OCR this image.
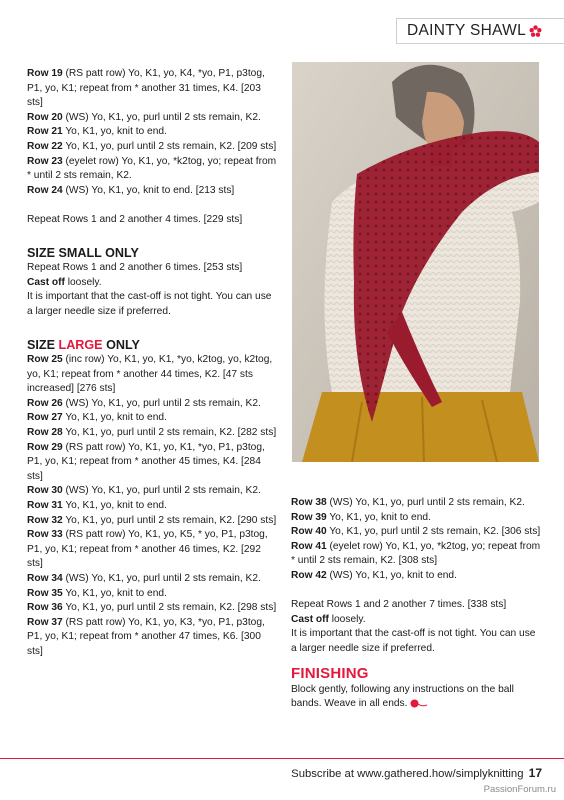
DAINTY SHAWL

Row 19 (RS patt row) Yo, K1, yo, K4, *yo, P1, p3tog, P1, yo, K1; repeat from * another 31 times, K4. [203 sts]

Row 20 (WS) Yo, K1, yo, purl until 2 sts remain, K2.

Row 21 Yo, K1, yo, knit to end.

Row 22 Yo, K1, yo, purl until 2 sts remain, K2. [209 sts]

Row 23 (eyelet row) Yo, K1, yo, *k2tog, yo; repeat from * until 2 sts remain, K2.

Row 24 (WS) Yo, K1, yo, knit to end. [213 sts]

Repeat Rows 1 and 2 another 4 times. [229 sts]

SIZE SMALL ONLY

Repeat Rows 1 and 2 another 6 times. [253 sts]

Cast off loosely.

It is important that the cast-off is not tight. You can use a larger needle size if preferred.

SIZE LARGE ONLY

Row 25 (inc row) Yo, K1, yo, K1, *yo, k2tog, yo, k2tog, yo, K1; repeat from * another 44 times, K2. [47 sts increased] [276 sts]

Row 26 (WS) Yo, K1, yo, purl until 2 sts remain, K2.

Row 27 Yo, K1, yo, knit to end.

Row 28 Yo, K1, yo, purl until 2 sts remain, K2. [282 sts]

Row 29 (RS patt row) Yo, K1, yo, K1, *yo, P1, p3tog, P1, yo, K1; repeat from * another 45 times, K4. [284 sts]

Row 30 (WS) Yo, K1, yo, purl until 2 sts remain, K2.

Row 31 Yo, K1, yo, knit to end.

Row 32 Yo, K1, yo, purl until 2 sts remain, K2. [290 sts]

Row 33 (RS patt row) Yo, K1, yo, K5, * yo, P1, p3tog, P1, yo, K1; repeat from * another 46 times, K2. [292 sts]

Row 34 (WS) Yo, K1, yo, purl until 2 sts remain, K2.

Row 35 Yo, K1, yo, knit to end.

Row 36 Yo, K1, yo, purl until 2 sts remain, K2. [298 sts]

Row 37 (RS patt row) Yo, K1, yo, K3, *yo, P1, p3tog, P1, yo, K1; repeat from * another 47 times, K6. [300 sts]

Row 38 (WS) Yo, K1, yo, purl until 2 sts remain, K2.

Row 39 Yo, K1, yo, knit to end.

Row 40 Yo, K1, yo, purl until 2 sts remain, K2. [306 sts]

Row 41 (eyelet row) Yo, K1, yo, *k2tog, yo; repeat from * until 2 sts remain, K2. [308 sts]

Row 42 (WS) Yo, K1, yo, knit to end.

Repeat Rows 1 and 2 another 7 times. [338 sts]

Cast off loosely.

It is important that the cast-off is not tight. You can use a larger needle size if preferred.

FINISHING

Block gently, following any instructions on the ball bands. Weave in all ends.

Subscribe at www.gathered.how/simplyknitting 17
PassionForum.ru
